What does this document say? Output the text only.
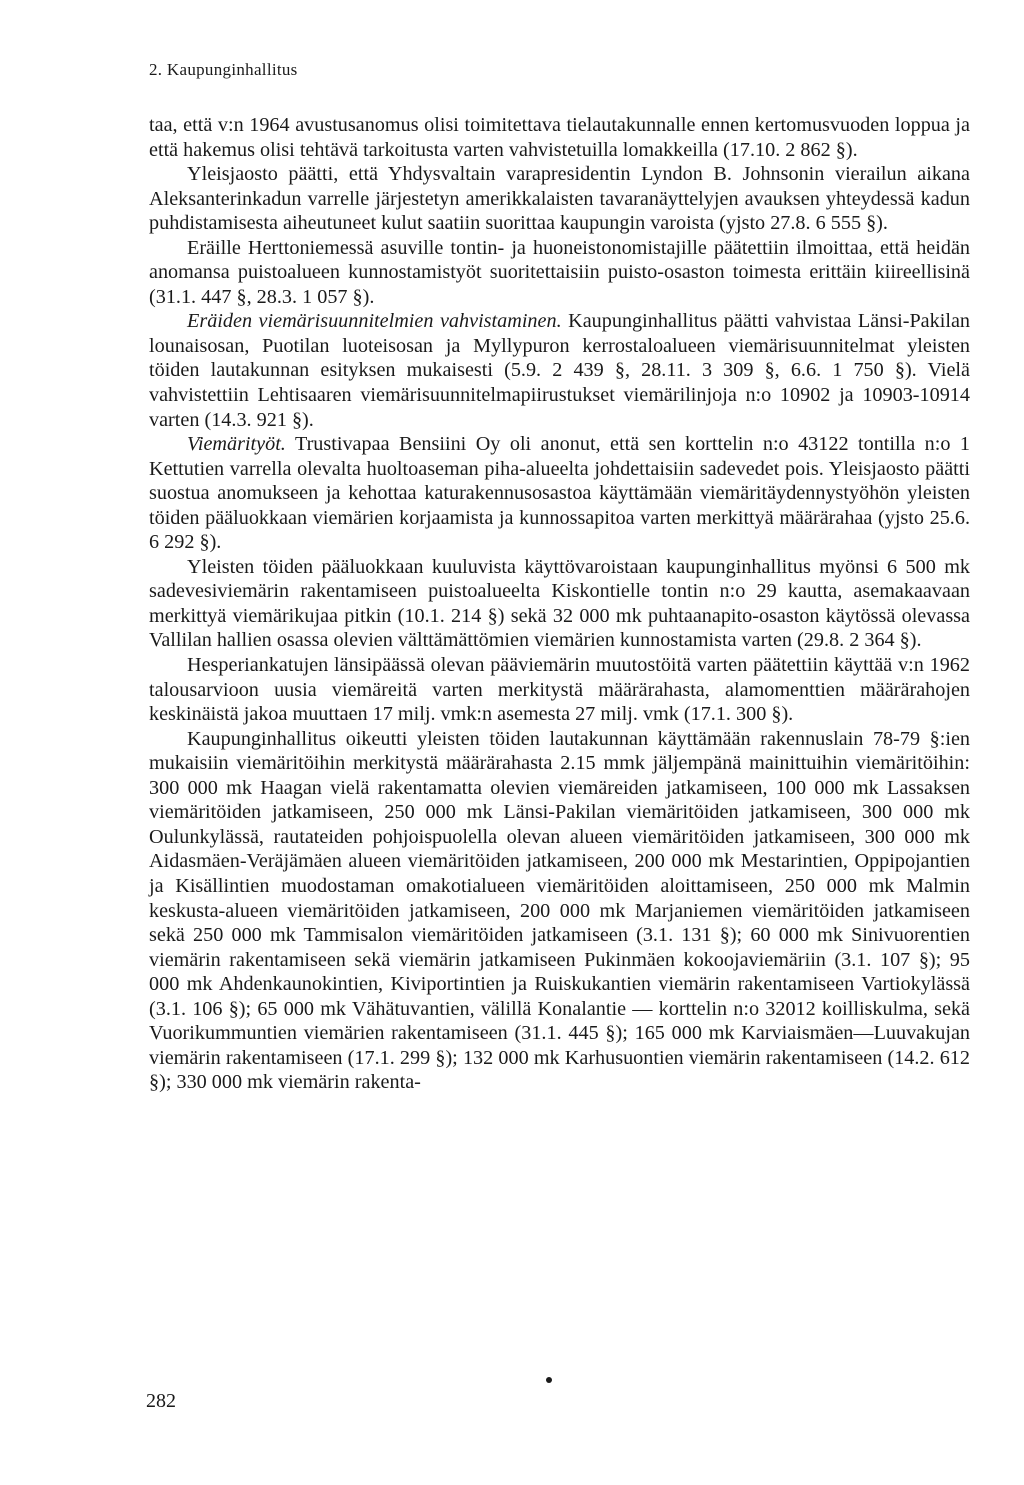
2. Kaupunginhallitus

taa, että v:n 1964 avustusanomus olisi toimitettava tielautakunnalle ennen kertomusvuoden loppua ja että hakemus olisi tehtävä tarkoitusta varten vahvistetuilla lomakkeilla (17.10. 2 862 §).

Yleisjaosto päätti, että Yhdysvaltain varapresidentin Lyndon B. Johnsonin vierailun aikana Aleksanterinkadun varrelle järjestetyn amerikkalaisten tavaranäyttelyjen avauksen yhteydessä kadun puhdistamisesta aiheutuneet kulut saatiin suorittaa kaupungin varoista (yjsto 27.8. 6 555 §).

Eräille Herttoniemessä asuville tontin- ja huoneistonomistajille päätettiin ilmoittaa, että heidän anomansa puistoalueen kunnostamistyöt suoritettaisiin puisto-osaston toimesta erittäin kiireellisinä (31.1. 447 §, 28.3. 1 057 §).

Eräiden viemärisuunnitelmien vahvistaminen. Kaupunginhallitus päätti vahvistaa Länsi-Pakilan lounaisosan, Puotilan luoteisosan ja Myllypuron kerrostaloalueen viemärisuunnitelmat yleisten töiden lautakunnan esityksen mukaisesti (5.9. 2 439 §, 28.11. 3 309 §, 6.6. 1 750 §). Vielä vahvistettiin Lehtisaaren viemärisuunnitelmapiirustukset viemärilinjoja n:o 10902 ja 10903-10914 varten (14.3. 921 §).

Viemärityöt. Trustivapaa Bensiini Oy oli anonut, että sen korttelin n:o 43122 tontilla n:o 1 Kettutien varrella olevalta huoltoaseman piha-alueelta johdettaisiin sadevedet pois. Yleisjaosto päätti suostua anomukseen ja kehottaa katurakennusosastoa käyttämään viemäritäydennystyöhön yleisten töiden pääluokkaan viemärien korjaamista ja kunnossapitoa varten merkittyä määrärahaa (yjsto 25.6. 6 292 §).

Yleisten töiden pääluokkaan kuuluvista käyttövaroistaan kaupunginhallitus myönsi 6 500 mk sadevesiviemärin rakentamiseen puistoalueelta Kiskontielle tontin n:o 29 kautta, asemakaavaan merkittyä viemärikujaa pitkin (10.1. 214 §) sekä 32 000 mk puhtaanapito-osaston käytössä olevassa Vallilan hallien osassa olevien välttämättömien viemärien kunnostamista varten (29.8. 2 364 §).

Hesperiankatujen länsipäässä olevan pääviemärin muutostöitä varten päätettiin käyttää v:n 1962 talousarvioon uusia viemäreitä varten merkitystä määrärahasta, alamomenttien määrärahojen keskinäistä jakoa muuttaen 17 milj. vmk:n asemesta 27 milj. vmk (17.1. 300 §).

Kaupunginhallitus oikeutti yleisten töiden lautakunnan käyttämään rakennuslain 78-79 §:ien mukaisiin viemäritöihin merkitystä määrärahasta 2.15 mmk jäljempänä mainittuihin viemäritöihin: 300 000 mk Haagan vielä rakentamatta olevien viemäreiden jatkamiseen, 100 000 mk Lassaksen viemäritöiden jatkamiseen, 250 000 mk Länsi-Pakilan viemäritöiden jatkamiseen, 300 000 mk Oulunkylässä, rautateiden pohjoispuolella olevan alueen viemäritöiden jatkamiseen, 300 000 mk Aidasmäen-Veräjämäen alueen viemäritöiden jatkamiseen, 200 000 mk Mestarintien, Oppipojantien ja Kisällintien muodostaman omakotialueen viemäritöiden aloittamiseen, 250 000 mk Malmin keskusta-alueen viemäritöiden jatkamiseen, 200 000 mk Marjaniemen viemäritöiden jatkamiseen sekä 250 000 mk Tammisalon viemäritöiden jatkamiseen (3.1. 131 §); 60 000 mk Sinivuorentien viemärin rakentamiseen sekä viemärin jatkamiseen Pukinmäen kokoojaviemäriin (3.1. 107 §); 95 000 mk Ahdenkaunokintien, Kiviportintien ja Ruiskukantien viemärin rakentamiseen Vartiokylässä (3.1. 106 §); 65 000 mk Vähätuvantien, välillä Konalantie — korttelin n:o 32012 koilliskulma, sekä Vuorikummuntien viemärien rakentamiseen (31.1. 445 §); 165 000 mk Karviaismäen—Luuvakujan viemärin rakentamiseen (17.1. 299 §); 132 000 mk Karhusuontien viemärin rakentamiseen (14.2. 612 §); 330 000 mk viemärin rakenta-

282
